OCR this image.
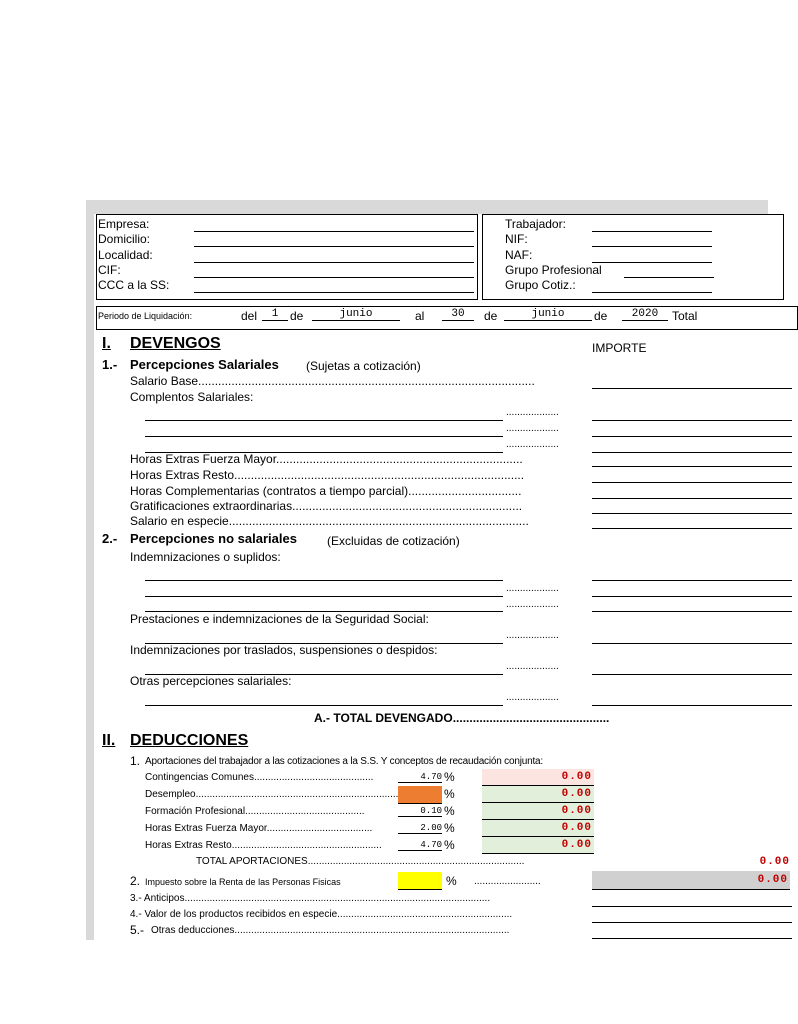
Empresa:
Domicilio:
Localidad:
CIF:
CCC a la SS:
Trabajador:
NIF:
NAF:
Grupo Profesional
Grupo Cotiz.:
Periodo de Liquidación:	del	1 de	junio	al	30	de	junio	de	2020	Total
I. DEVENGOS	IMPORTE
1.- Percepciones Salariales (Sujetas a cotización)
Salario Base.....................................................................................................
Complentos Salariales:
...................
...................
...................
Horas Extras Fuerza Mayor..........................................................................
Horas Extras Resto.......................................................................................
Horas Complementarias (contratos a tiempo parcial)..................................
Gratificaciones extraordinarias.....................................................................
Salario en especie..........................................................................................
2.- Percepciones no salariales	(Excluidas de cotización)
Indemnizaciones o suplidos:
...................
...................
Prestaciones e indemnizaciones de la Seguridad Social:
...................
Indemnizaciones por traslados, suspensiones o despidos:
...................
Otras percepciones salariales:
...................
A.- TOTAL DEVENGADO...............................................
II. DEDUCCIONES
1. Aportaciones del trabajador a las cotizaciones a la S.S. Y conceptos de recaudación conjunta:
Contingencias Comunes...........................................	4.70 %	0.00
Desempleo.........................................................................	%	0.00
Formación Profesional...........................................	0.10 %	0.00
Horas Extras Fuerza Mayor......................................	2.00 %	0.00
Horas Extras Resto......................................................	4.70 %	0.00
TOTAL APORTACIONES..............................................................................	0.00
2. Impuesto sobre la Renta de las Personas Fisicas	% ........................	0.00
3.- Anticipos..............................................................................................................
4.- Valor de los productos recibidos en especie...............................................................
5.- Otras deducciones...................................................................................................
